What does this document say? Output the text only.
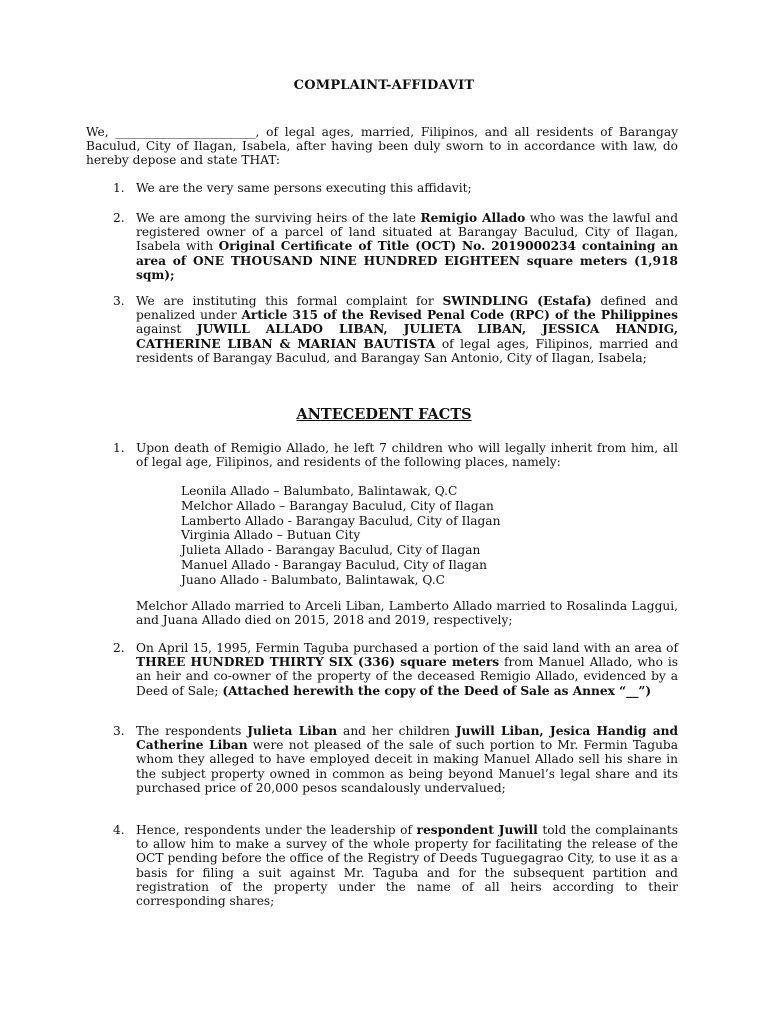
COMPLAINT-AFFIDAVIT
We, _______________________, of legal ages, married, Filipinos, and all residents of Barangay Baculud, City of Ilagan, Isabela, after having been duly sworn to in accordance with law, do hereby depose and state THAT:
1. We are the very same persons executing this affidavit;
2. We are among the surviving heirs of the late Remigio Allado who was the lawful and registered owner of a parcel of land situated at Barangay Baculud, City of Ilagan, Isabela with Original Certificate of Title (OCT) No. 2019000234 containing an area of ONE THOUSAND NINE HUNDRED EIGHTEEN square meters (1,918 sqm);
3. We are instituting this formal complaint for SWINDLING (Estafa) defined and penalized under Article 315 of the Revised Penal Code (RPC) of the Philippines against JUWILL ALLADO LIBAN, JULIETA LIBAN, JESSICA HANDIG, CATHERINE LIBAN & MARIAN BAUTISTA of legal ages, Filipinos, married and residents of Barangay Baculud, and Barangay San Antonio, City of Ilagan, Isabela;
ANTECEDENT FACTS
1. Upon death of Remigio Allado, he left 7 children who will legally inherit from him, all of legal age, Filipinos, and residents of the following places, namely:
Leonila Allado – Balumbato, Balintawak, Q.C
Melchor Allado – Barangay Baculud, City of Ilagan
Lamberto Allado - Barangay Baculud, City of Ilagan
Virginia Allado – Butuan City
Julieta Allado - Barangay Baculud, City of Ilagan
Manuel Allado - Barangay Baculud, City of Ilagan
Juano Allado - Balumbato, Balintawak, Q.C
Melchor Allado married to Arceli Liban, Lamberto Allado married to Rosalinda Laggui, and Juana Allado died on 2015, 2018 and 2019, respectively;
2. On April 15, 1995, Fermin Taguba purchased a portion of the said land with an area of THREE HUNDRED THIRTY SIX (336) square meters from Manuel Allado, who is an heir and co-owner of the property of the deceased Remigio Allado, evidenced by a Deed of Sale; (Attached herewith the copy of the Deed of Sale as Annex “__”)
3. The respondents Julieta Liban and her children Juwill Liban, Jesica Handig and Catherine Liban were not pleased of the sale of such portion to Mr. Fermin Taguba whom they alleged to have employed deceit in making Manuel Allado sell his share in the subject property owned in common as being beyond Manuel’s legal share and its purchased price of 20,000 pesos scandalously undervalued;
4. Hence, respondents under the leadership of respondent Juwill told the complainants to allow him to make a survey of the whole property for facilitating the release of the OCT pending before the office of the Registry of Deeds Tuguegagrao City, to use it as a basis for filing a suit against Mr. Taguba and for the subsequent partition and registration of the property under the name of all heirs according to their corresponding shares;
